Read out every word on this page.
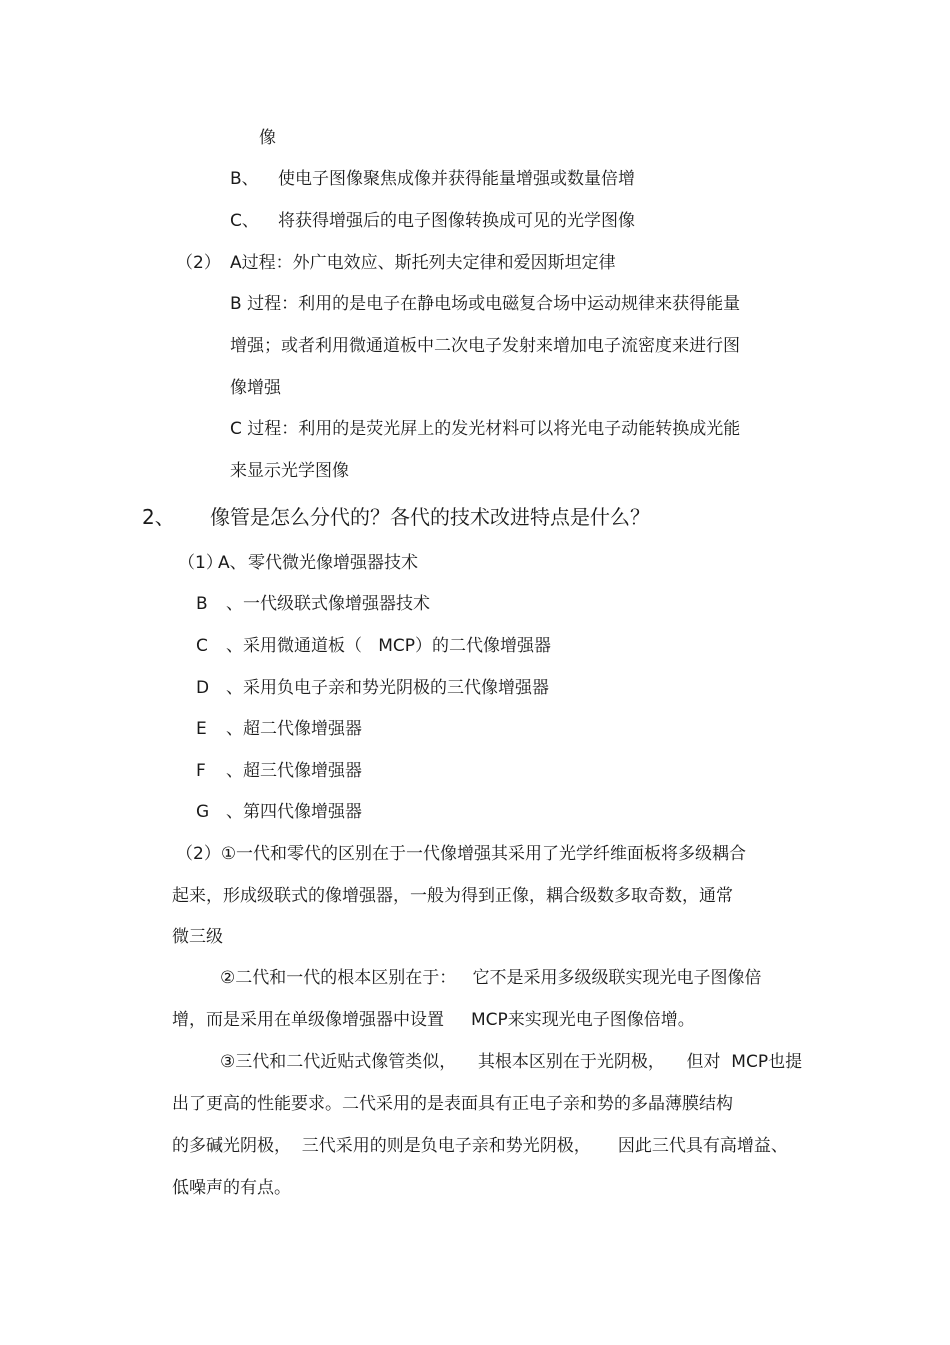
像
B、 使电子图像聚焦成像并获得能量增强或数量倍增
C、 将获得增强后的电子图像转换成可见的光学图像
（2） A过程：外广电效应、斯托列夫定律和爱因斯坦定律
B 过程：利用的是电子在静电场或电磁复合场中运动规律来获得能量
增强；或者利用微通道板中二次电子发射来增加电子流密度来进行图
像增强
C 过程：利用的是荧光屏上的发光材料可以将光电子动能转换成光能
来显示光学图像
2、 像管是怎么分代的？各代的技术改进特点是什么？
（1）
A、 零代微光像增强器技术
B 、一代级联式像增强器技术
C 、采用微通道板（   MCP）的二代像增强器
D 、采用负电子亲和势光阴极的三代像增强器
E 、超二代像增强器
F 、超三代像增强器
G 、第四代像增强器
（2）①一代和零代的区别在于一代像增强其采用了光学纤维面板将多级耦合
起来，形成级联式的像增强器，一般为得到正像，耦合级数多取奇数，通常
微三级
②二代和一代的根本区别在于：   它不是采用多级级联实现光电子图像倍
增，而是采用在单级像增强器中设置     MCP来实现光电子图像倍增。
③三代和二代近贴式像管类似，    其根本区别在于光阴极，    但对  MCP也提
出了更高的性能要求。二代采用的是表面具有正电子亲和势的多晶薄膜结构
的多碱光阴极，  三代采用的则是负电子亲和势光阴极，     因此三代具有高增益、
低噪声的有点。
